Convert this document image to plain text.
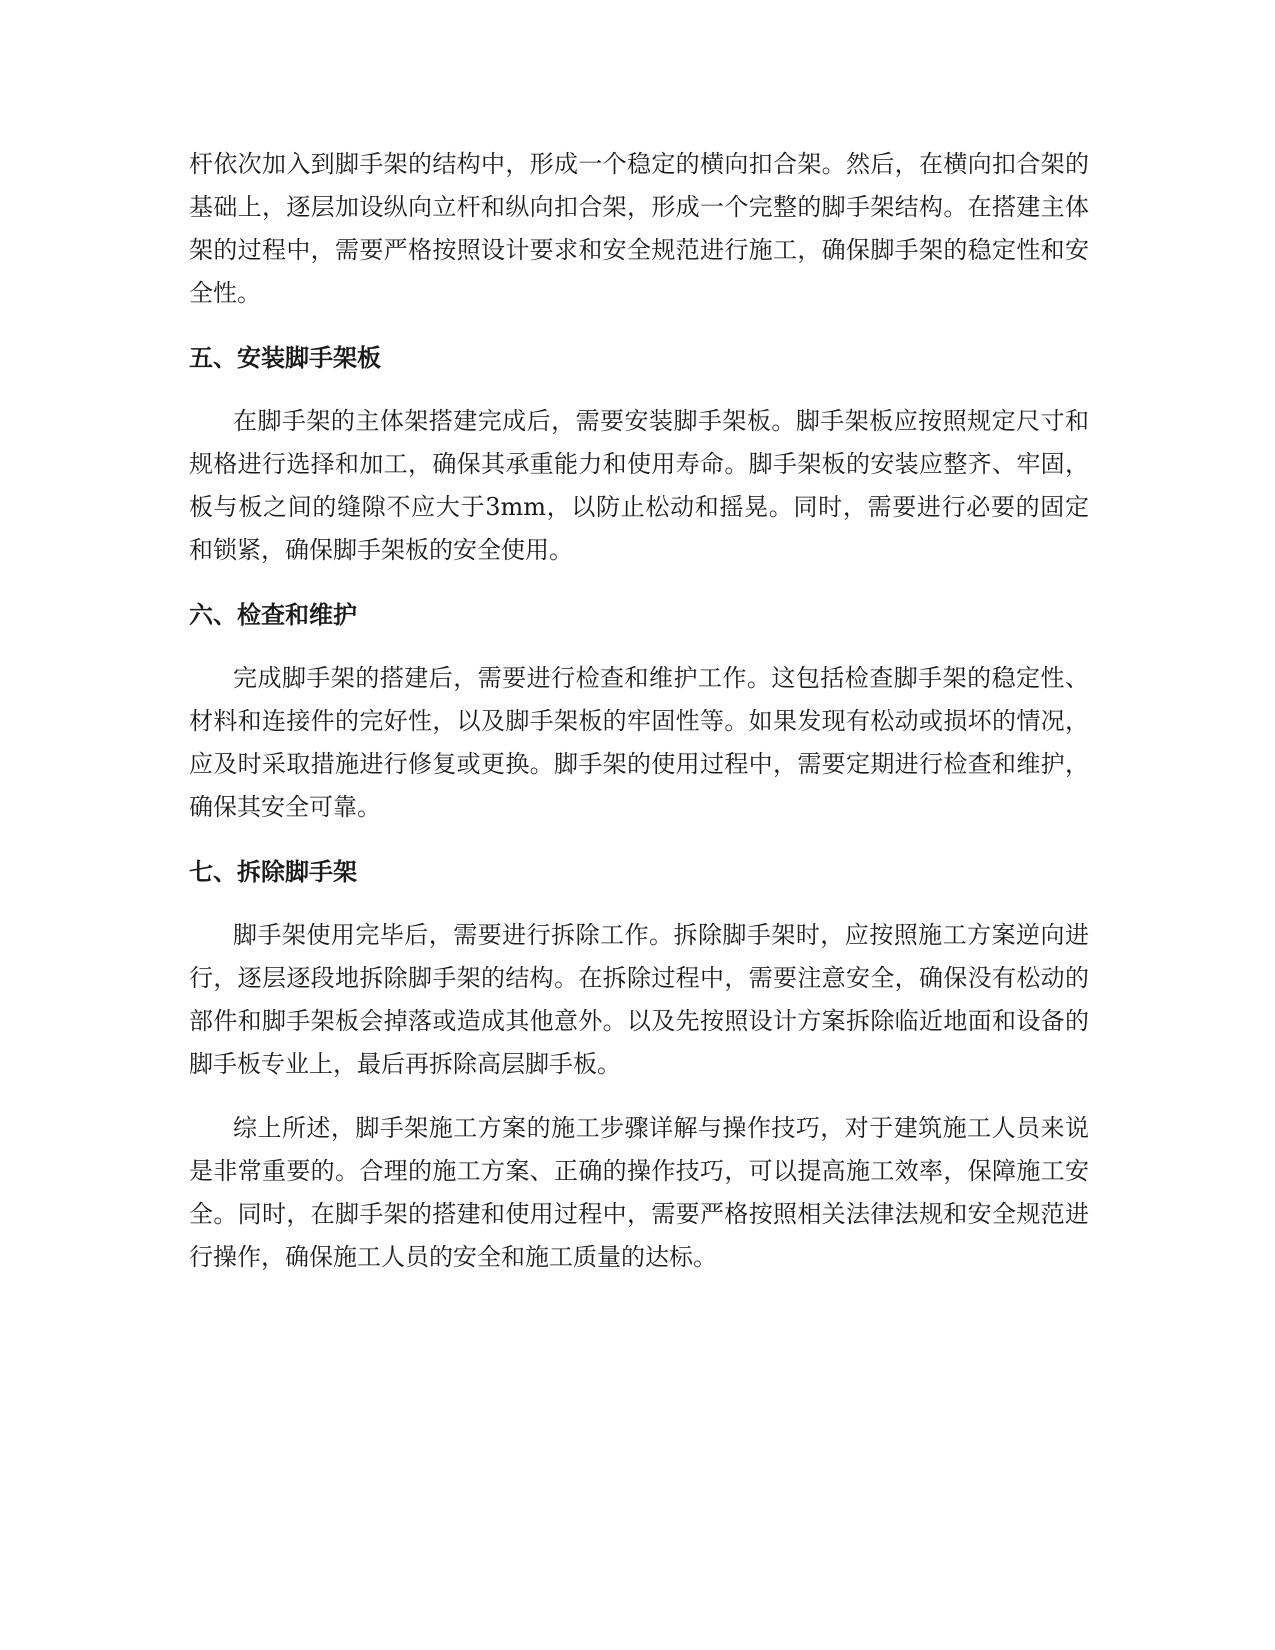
杆依次加入到脚手架的结构中，形成一个稳定的横向扣合架。然后，在横向扣合架的基础上，逐层加设纵向立杆和纵向扣合架，形成一个完整的脚手架结构。在搭建主体架的过程中，需要严格按照设计要求和安全规范进行施工，确保脚手架的稳定性和安全性。

五、安装脚手架板

在脚手架的主体架搭建完成后，需要安装脚手架板。脚手架板应按照规定尺寸和规格进行选择和加工，确保其承重能力和使用寿命。脚手架板的安装应整齐、牢固，板与板之间的缝隙不应大于3mm，以防止松动和摇晃。同时，需要进行必要的固定和锁紧，确保脚手架板的安全使用。

六、检查和维护

完成脚手架的搭建后，需要进行检查和维护工作。这包括检查脚手架的稳定性、材料和连接件的完好性，以及脚手架板的牢固性等。如果发现有松动或损坏的情况，应及时采取措施进行修复或更换。脚手架的使用过程中，需要定期进行检查和维护，确保其安全可靠。

七、拆除脚手架

脚手架使用完毕后，需要进行拆除工作。拆除脚手架时，应按照施工方案逆向进行，逐层逐段地拆除脚手架的结构。在拆除过程中，需要注意安全，确保没有松动的部件和脚手架板会掉落或造成其他意外。以及先按照设计方案拆除临近地面和设备的脚手板专业上，最后再拆除高层脚手板。

综上所述，脚手架施工方案的施工步骤详解与操作技巧，对于建筑施工人员来说是非常重要的。合理的施工方案、正确的操作技巧，可以提高施工效率，保障施工安全。同时，在脚手架的搭建和使用过程中，需要严格按照相关法律法规和安全规范进行操作，确保施工人员的安全和施工质量的达标。
